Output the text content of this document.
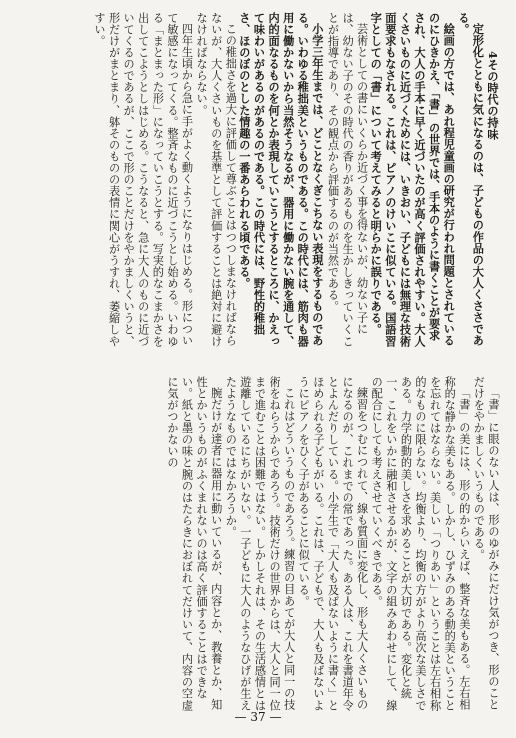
4その時代の持味

定形化とともに気になるのは、子どもの作品の大人くささである。

絵画の方では、あれ程児童画の研究が行われ問題とされているのにひきかえ、「書」の世界では、手本のように書くことが要求され、大人の手本に早く近づいたのが高く評価されやすい。大人くさいものに近づくためには、いきおい、子どもには無理な技術面要求もなされる。これは、ピアノのけいこに似ている。国語習字としての「書」について考えてみると明らかに誤りである。

芸術としての書にいくらか近づく事を得ないが、幼ない子には、幼ない子のその時代の香りがあるものを生かしきっていくことが指導であり、その観点から評価するのが当然である。

小学三年生までは、どことなくぎこちない表現をするものである。いわゆる稚拙美というものである。この時代には、筋肉も器用に働かないから当然そうなるが、器用に働かない腕を通して、内的面なるものを何とか表現していこうとするところに、かえって味わいがあるのがあるのである。この時代には、野性的稚拙さ、ほのぼのとした情趣の一番あらわれる頃である。

この稚拙さを過大に評価して尊ぶことはつつしまなければならないが、大人くさいものを基準として評価することは絶対に避けなければならない。

四年生頃から急に手がよく動くようになりはじめる。形について敏感になってくる。整斉なものに近づこうとし始める。いわゆる「まとまった形」になっていこうとする。写実的なこまかさを出してこようとしはじめる。こうなると、急に大人のものに近づいてくるのであるが、ここで形のことだけをやかましくいうと、形だけがまとまり、躰そのものの表情に関心がうすれ、萎縮しやすい。

「書」に眼のない人は、形のゆがみにだけ気がつき、形のことだけをやかましくいうものである。

「書」の美には、形の的からいえば、整斉な美もある。左右相称的な静かな美もある。しかし、ひずみのある動的美ということを忘れてはならない。美しい「つりあい」ということは左右相称的なものに限らない。均衡より、均衡の方がより高次な美しさである。力学的動的美しさを求めることが大切である。変化と統一、これをいかに融和させるかが、文字の組みあわせにして、線の配合にしても考えさせていくべきである。

練習をつむにつれて、線も質面に変化し、形も大人くさいものになるのが、これまでの常であった。ある人は、これを書道年令とよんだりしている。小学生で「大人も及ばないように書く」とほめられる子どもがいる。これは、子どもで、大人も及ばないようにピアノをひく子があることに似ている。

これはどういうものであろう。練習の目あてが大人と同一の技術をねらうからであろう。技術だけの世界からは、大人と同一位まで進むことは困難ではない。しかしそれは、その生活感情とは遊離しているにちがいない。一子どもに大人のようなひげが生えたようなものではなかろうか。

腕だけが達者に器用に動いているが、内容とか、教養とか、知性とかいうものがふくまれないのは高く評価することはできない。紙と墨の味と腕のはたらきにおぼれてだけいて、内容の空虚に気がつかないの

— 37 —
